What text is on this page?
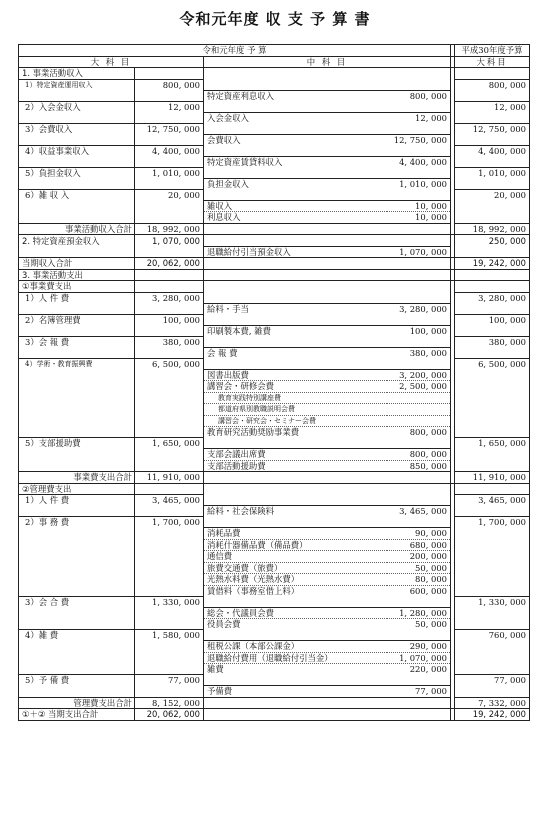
令和元年度 収 支 予 算 書
令和元年度 予 算					平成30年度予算
大 科 目		中 科 目			大科目
1. 事業活動収入					
1）特定資産運用収入	800, 000				800, 000
		特定資産利息収入	800, 000		
2）入会金収入	12, 000				12, 000
		入会金収入	12, 000		
3）会費収入	12, 750, 000				12, 750, 000
		会費収入	12, 750, 000		
4）収益事業収入	4, 400, 000				4, 400, 000
		特定資産賃貸料収入	4, 400, 000		
5）負担金収入	1, 010, 000				1, 010, 000
		負担金収入	1, 010, 000		
6）雑 収 入	20, 000				20, 000
		雑収入	10, 000		
		利息収入	10, 000		
事業活動収入合計	18, 992, 000				18, 992, 000
2. 特定資産預金収入	1, 070, 000				250, 000
		退職給付引当預金収入	1, 070, 000		
当期収入合計	20, 062, 000				19, 242, 000
3. 事業活動支出					
①事業費支出					
1）人 件 費	3, 280, 000				3, 280, 000
		給料・手当	3, 280, 000		
2）名簿管理費	100, 000				100, 000
		印刷製本費, 雑費	100, 000		
3）会 報 費	380, 000				380, 000
		会 報 費	380, 000		
4）学術・教育振興費	6, 500, 000				6, 500, 000
		図書出版費	3, 200, 000		
		講習会・研修会費	2, 500, 000		
		教育実践特別講座費			
		都道府県別教職説明会費			
		講習会・研究会・セミナー会費			
		教育研究活動奨励事業費	800, 000		
5）支部援助費	1, 650, 000				1, 650, 000
		支部会議出席費	800, 000		
		支部活動援助費	850, 000		
事業費支出合計	11, 910, 000				11, 910, 000
②管理費支出					
1）人 件 費	3, 465, 000				3, 465, 000
		給料・社会保険料	3, 465, 000		
2）事 務 費	1, 700, 000				1, 700, 000
		消耗品費	90, 000		
		消耗什器備品費（備品費）	680, 000		
		通信費	200, 000		
		旅費交通費（旅費）	50, 000		
		光熱水料費（光熱水費）	80, 000		
		賃借料（事務室借上料）	600, 000		
3）会 合 費	1, 330, 000				1, 330, 000
		総会・代議員会費	1, 280, 000		
		役員会費	50, 000		
4）雑 費	1, 580, 000				760, 000
		租税公課（本部公課金）	290, 000		
		退職給付費用（退職給付引当金）	1, 070, 000		
		雑費	220, 000		
5）予 備 費	77, 000				77, 000
		予備費	77, 000		
管理費支出合計	8, 152, 000				7, 332, 000
①＋② 当期支出合計	20, 062, 000				19, 242, 000
